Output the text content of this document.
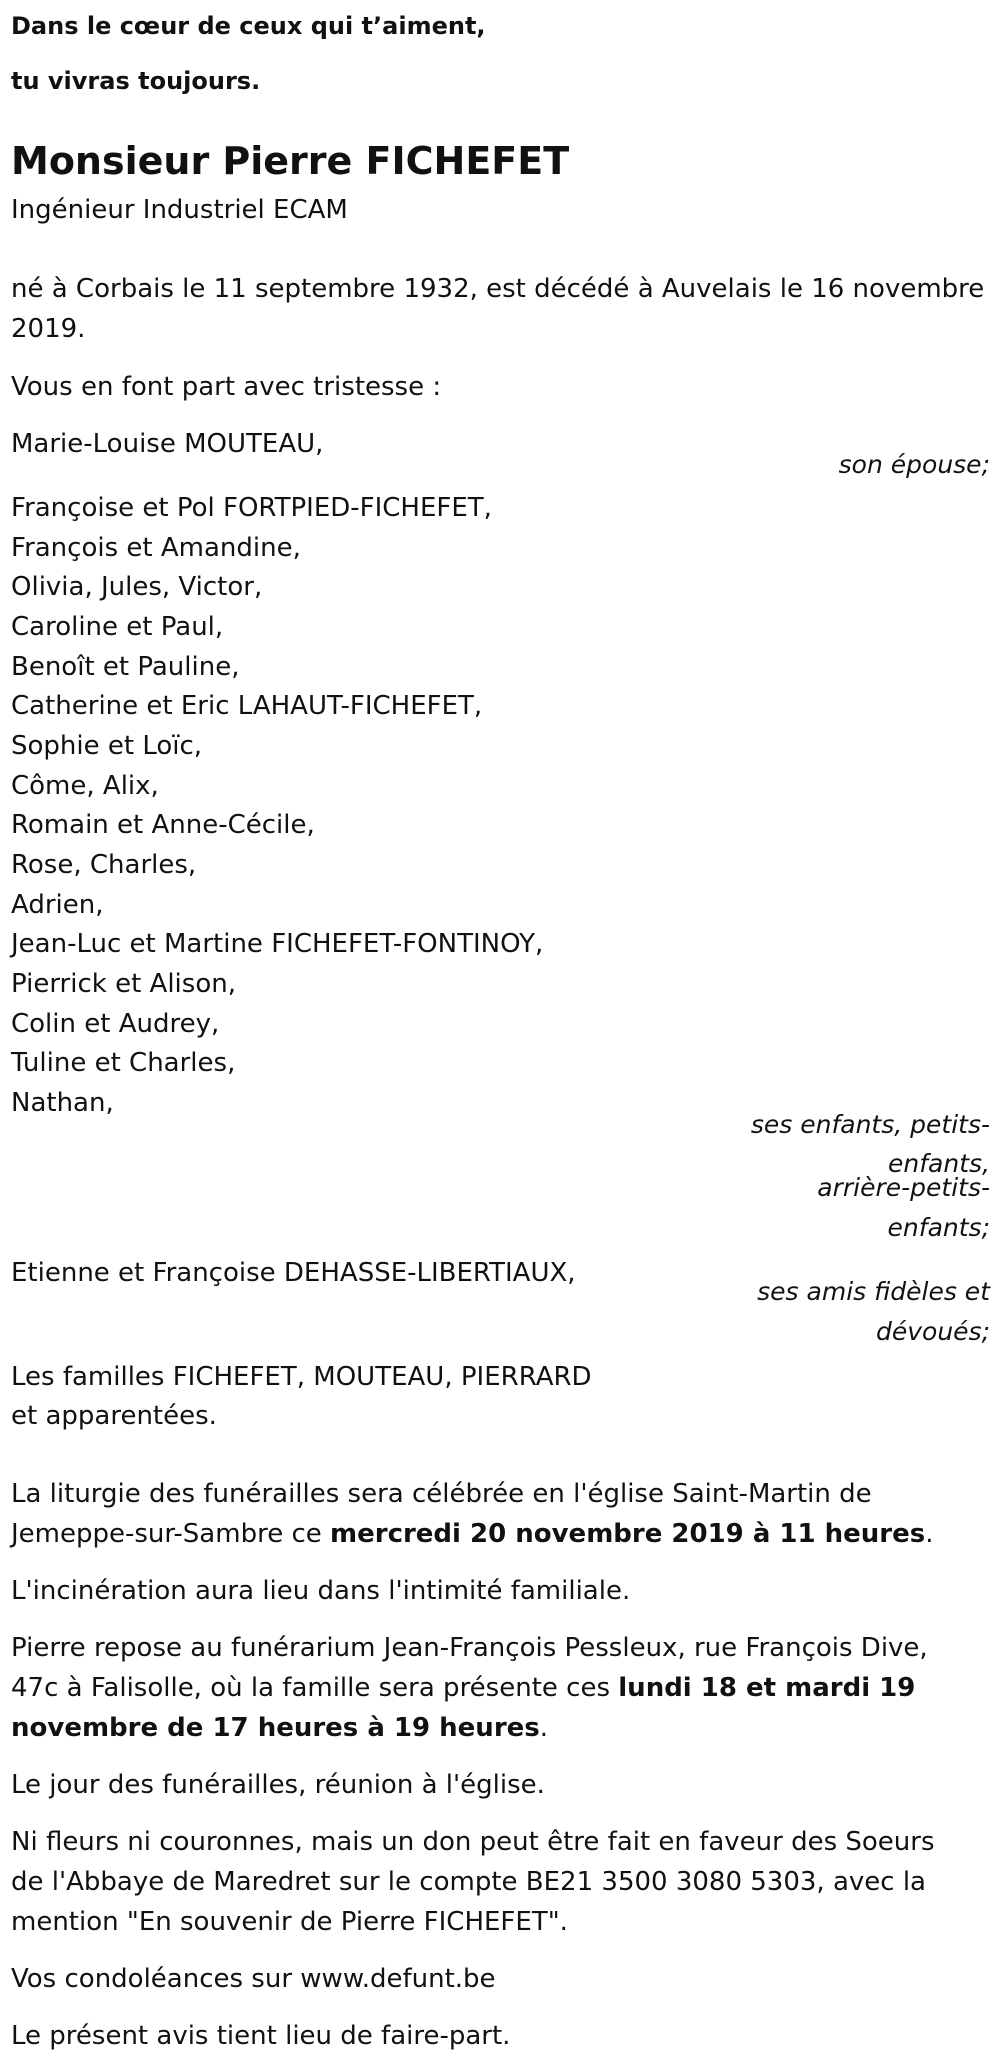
Dans le cœur de ceux qui t’aiment,
tu vivras toujours.
Monsieur Pierre FICHEFET
Ingénieur Industriel ECAM
né à Corbais le 11 septembre 1932, est décédé à Auvelais le 16 novembre
2019.
Vous en font part avec tristesse :
Marie-Louise MOUTEAU,
son épouse;
Françoise et Pol FORTPIED-FICHEFET,
François et Amandine,
Olivia, Jules, Victor,
Caroline et Paul,
Benoît et Pauline,
Catherine et Eric LAHAUT-FICHEFET,
Sophie et Loïc,
Côme, Alix,
Romain et Anne-Cécile,
Rose, Charles,
Adrien,
Jean-Luc et Martine FICHEFET-FONTINOY,
Pierrick et Alison,
Colin et Audrey,
Tuline et Charles,
Nathan,
ses enfants, petits-
enfants,
arrière-petits-
enfants;
Etienne et Françoise DEHASSE-LIBERTIAUX,
ses amis fidèles et
dévoués;
Les familles FICHEFET, MOUTEAU, PIERRARD
et apparentées.
La liturgie des funérailles sera célébrée en l'église Saint-Martin de
Jemeppe-sur-Sambre ce mercredi 20 novembre 2019 à 11 heures.
L'incinération aura lieu dans l'intimité familiale.
Pierre repose au funérarium Jean-François Pessleux, rue François Dive,
47c à Falisolle, où la famille sera présente ces lundi 18 et mardi 19
novembre de 17 heures à 19 heures.
Le jour des funérailles, réunion à l'église.
Ni fleurs ni couronnes, mais un don peut être fait en faveur des Soeurs
de l'Abbaye de Maredret sur le compte BE21 3500 3080 5303, avec la
mention "En souvenir de Pierre FICHEFET".
Vos condoléances sur www.defunt.be
Le présent avis tient lieu de faire-part.
